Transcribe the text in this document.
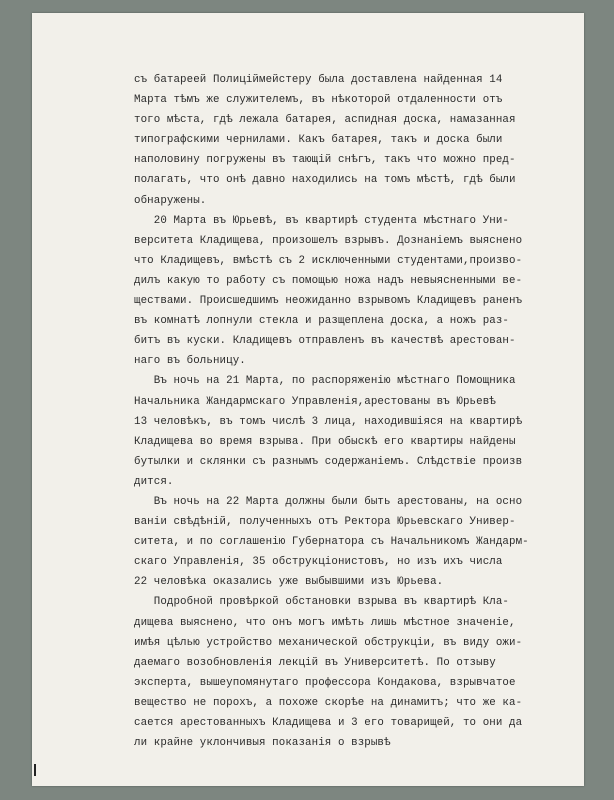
съ батареей Полицiймейстеру была доставлена найденная 14
Марта тѣмъ же служителемъ, въ нѣкоторой отдаленности отъ
того мѣста, гдѣ лежала батарея, аспидная доска, намазанная
типографскими чернилами. Какъ батарея, такъ и доска были
наполовину погружены въ тающiй снѣгъ, такъ что можно пред-
полагать, что онѣ давно находились на томъ мѣстѣ, гдѣ были
обнаружены.
20 Марта въ Юрьевѣ, въ квартирѣ студента мѣстнаго Уни-
верситета Кладищева, произошелъ взрывъ. Дознанiемъ выяснено
что Кладищевъ, вмѣстѣ съ 2 исключенными студентами,произво-
дилъ какую то работу съ помощью ножа надъ невыясненными ве-
ществами. Происшедшимъ неожиданно взрывомъ Кладищевъ раненъ
въ комнатѣ лопнули стекла и разщеплена доска, а ножъ раз-
битъ въ куски. Кладищевъ отправленъ въ качествѣ арестован-
наго въ больницу.
Въ ночь на 21 Марта, по распоряженiю мѣстнаго Помощника
Начальника Жандармскаго Управленiя,арестованы въ Юрьевѣ
13 человѣкъ, въ томъ числѣ 3 лица, находившiяся на квартирѣ
Кладищева во время взрыва. При обыскѣ его квартиры найдены
бутылки и склянки съ разнымъ содержанiемъ. Слѣдствiе произв
дится.
Въ ночь на 22 Марта должны были быть арестованы, на осно
ванiи свѣдѣнiй, полученныхъ отъ Ректора Юрьевскаго Универ-
ситета, и по соглашенiю Губернатора съ Начальникомъ Жандарм-
скаго Управленiя, 35 обструкцiонистовъ, но изъ ихъ числа
22 человѣка оказались уже выбывшими изъ Юрьева.
Подробной провѣркой обстановки взрыва въ квартирѣ Кла-
дищева выяснено, что онъ могъ имѣть лишь мѣстное значенiе,
имѣя цѣлью устройство механической обструкцiи, въ виду ожи-
даемаго возобновленiя лекцiй въ Университетѣ. По отзыву
эксперта, вышеупомянутаго профессора Кондакова, взрывчатое
вещество не порохъ, а похоже скорѣе на динамитъ; что же ка-
сается арестованныхъ Кладищева и 3 его товарищей, то они да
ли крайне уклончивыя показанiя о взрывѣ
